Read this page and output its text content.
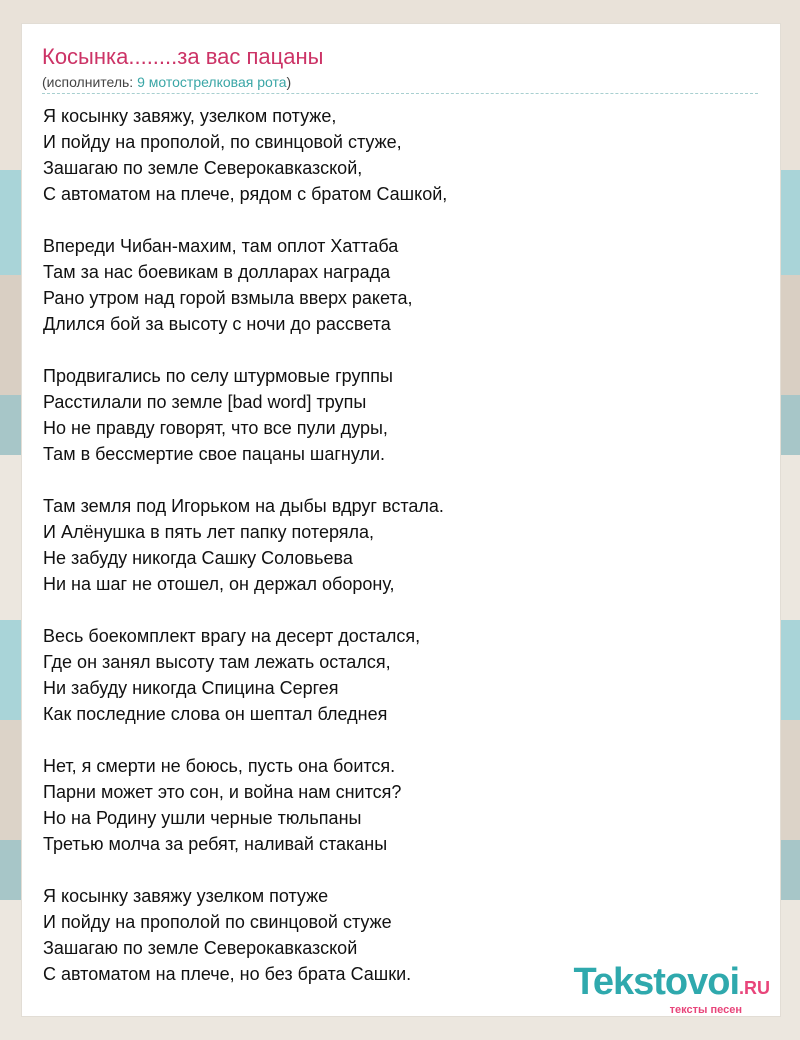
Косынка........за вас пацаны
(исполнитель: 9 мотострелковая рота)
Я косынку завяжу, узелком потуже,
И пойду на прополой, по свинцовой стуже,
Зашагаю по земле Северокавказской,
С автоматом на плече, рядом с братом Сашкой,
Впереди Чибан-махим, там оплот Хаттаба
Там за нас боевикам в долларах награда
Рано утром над горой взмыла вверх ракета,
Длился бой за высоту с ночи до рассвета
Продвигались по селу штурмовые группы
Расстилали по земле [bad word] трупы
Но не правду говорят, что все пули дуры,
Там в бессмертие свое пацаны шагнули.
Там земля под Игорьком на дыбы вдруг встала.
И Алёнушка в пять лет папку потеряла,
Не забуду никогда Сашку Соловьева
Ни на шаг не отошел, он держал оборону,
Весь боекомплект врагу на десерт достался,
Где он занял высоту там лежать остался,
Ни забуду никогда Спицина Сергея
Как последние слова он шептал бледнея
Нет, я смерти не боюсь, пусть она боится.
Парни может это сон, и война нам снится?
Но на Родину ушли черные тюльпаны
Третью молча за ребят, наливай стаканы
Я косынку завяжу узелком потуже
И пойду на прополой по свинцовой стуже
Зашагаю по земле Северокавказской
С автоматом на плече, но без брата Сашки.	Tekstovoi.RU
тексты песен
